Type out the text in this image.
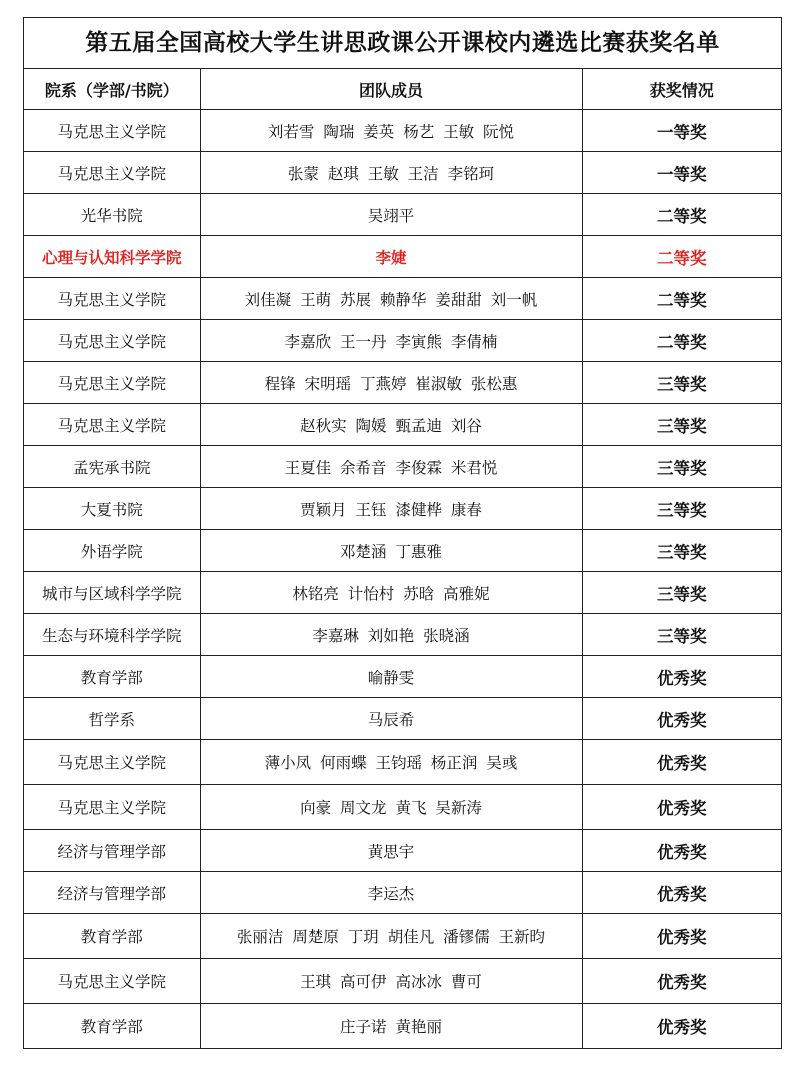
第五届全国高校大学生讲思政课公开课校内遴选比赛获奖名单
院系（学部/书院）	团队成员	获奖情况
马克思主义学院	刘若雪 陶瑞 姜英 杨艺 王敏 阮悦	一等奖
马克思主义学院	张蒙 赵琪 王敏 王洁 李铭珂	一等奖
光华书院	吴翊平	二等奖
心理与认知科学学院	李婕	二等奖
马克思主义学院	刘佳凝 王萌 苏展 赖静华 姜甜甜 刘一帆	二等奖
马克思主义学院	李嘉欣 王一丹 李寅熊 李倩楠	二等奖
马克思主义学院	程锋 宋明瑶 丁燕婷 崔淑敏 张松惠	三等奖
马克思主义学院	赵秋实 陶媛 甄孟迪 刘谷	三等奖
孟宪承书院	王夏佳 余希音 李俊霖 米君悦	三等奖
大夏书院	贾颖月 王钰 漆健桦 康春	三等奖
外语学院	邓楚涵 丁惠雅	三等奖
城市与区域科学学院	林铭亮 计怡村 苏晗 高雅妮	三等奖
生态与环境科学学院	李嘉琳 刘如艳 张晓涵	三等奖
教育学部	喻静雯	优秀奖
哲学系	马辰希	优秀奖
马克思主义学院	薄小凤 何雨蝶 王钧瑶 杨正润 吴彧	优秀奖
马克思主义学院	向豪 周文龙 黄飞 吴新涛	优秀奖
经济与管理学部	黄思宇	优秀奖
经济与管理学部	李运杰	优秀奖
教育学部	张丽洁 周楚原 丁玥 胡佳凡 潘镠儒 王新昀	优秀奖
马克思主义学院	王琪 高可伊 高冰冰 曹可	优秀奖
教育学部	庄子诺 黄艳丽	优秀奖
